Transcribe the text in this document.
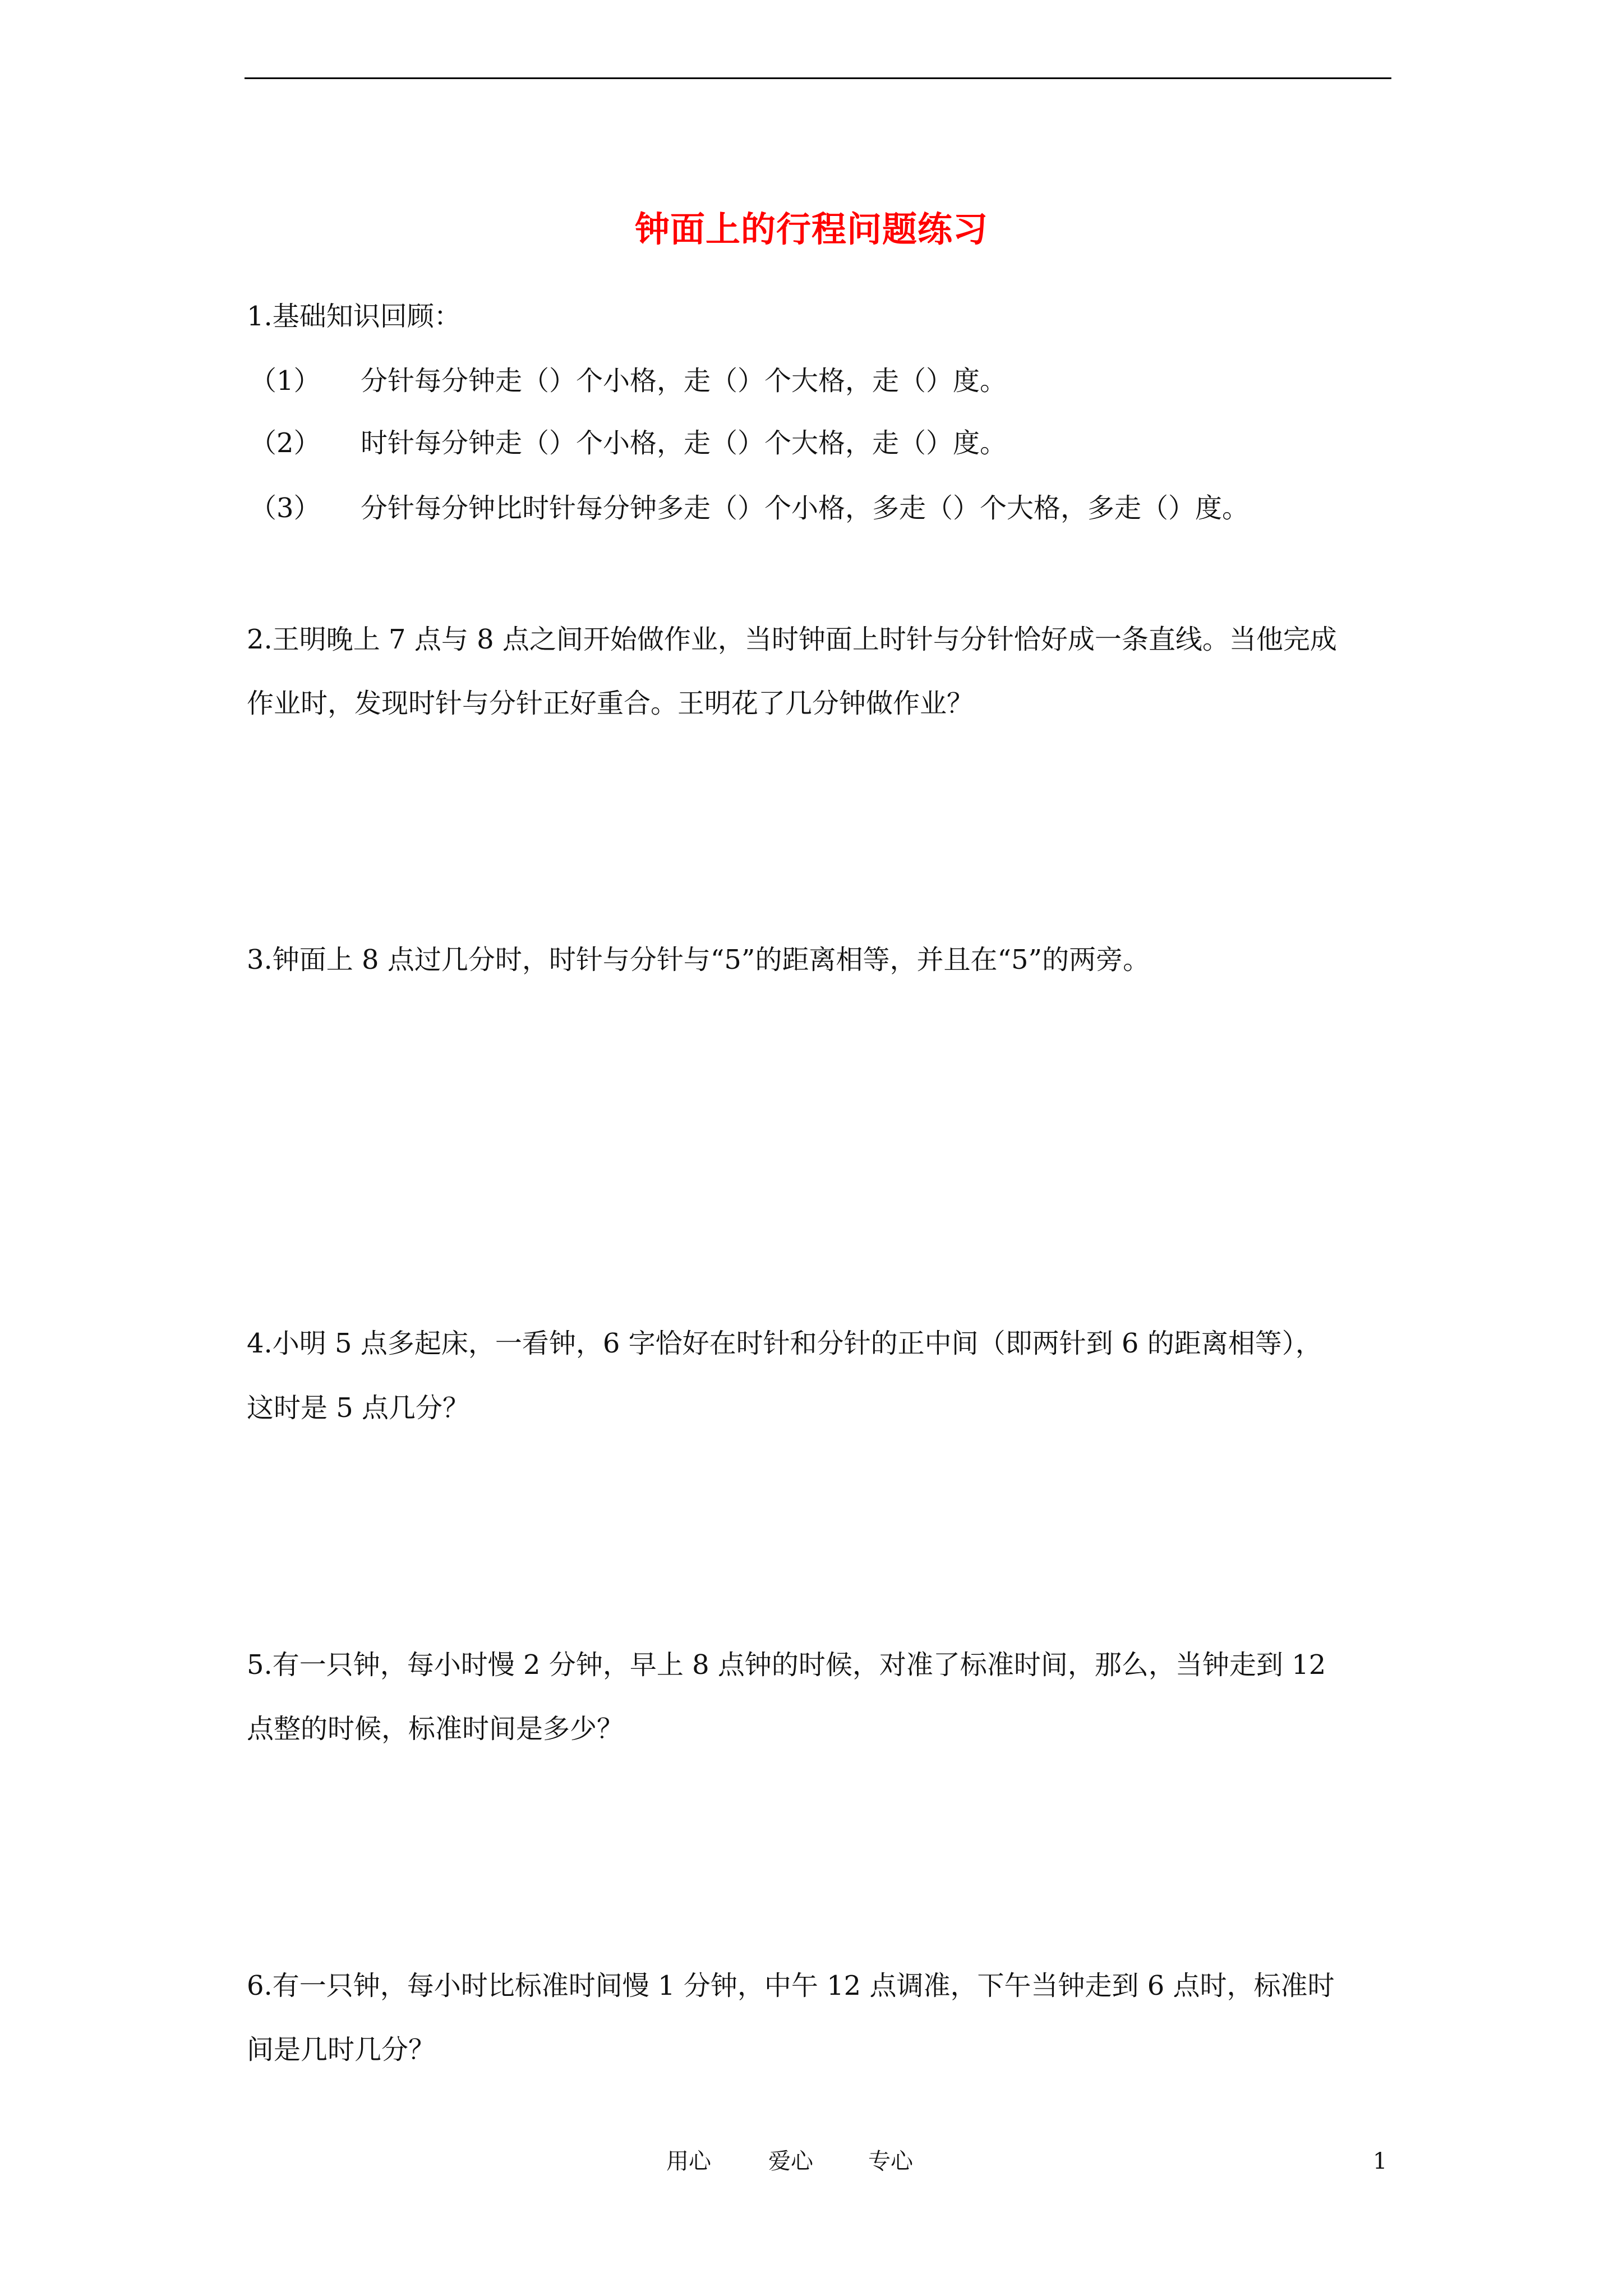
钟面上的行程问题练习
1.基础知识回顾：
（1） 分针每分钟走（）个小格，走（）个大格，走（）度。
（2） 时针每分钟走（）个小格，走（）个大格，走（）度。
（3） 分针每分钟比时针每分钟多走（）个小格，多走（）个大格，多走（）度。
2.王明晚上 7 点与 8 点之间开始做作业，当时钟面上时针与分针恰好成一条直线。当他完成
作业时，发现时针与分针正好重合。王明花了几分钟做作业？
3.钟面上 8 点过几分时，时针与分针与“5”的距离相等，并且在“5”的两旁。
4.小明 5 点多起床，一看钟，6 字恰好在时针和分针的正中间（即两针到 6 的距离相等），
这时是 5 点几分？
5.有一只钟，每小时慢 2 分钟，早上 8 点钟的时候，对准了标准时间，那么，当钟走到 12
点整的时候，标准时间是多少？
6.有一只钟，每小时比标准时间慢 1 分钟，中午 12 点调准，下午当钟走到 6 点时，标准时
间是几时几分？
用心	爱心 专心	1
